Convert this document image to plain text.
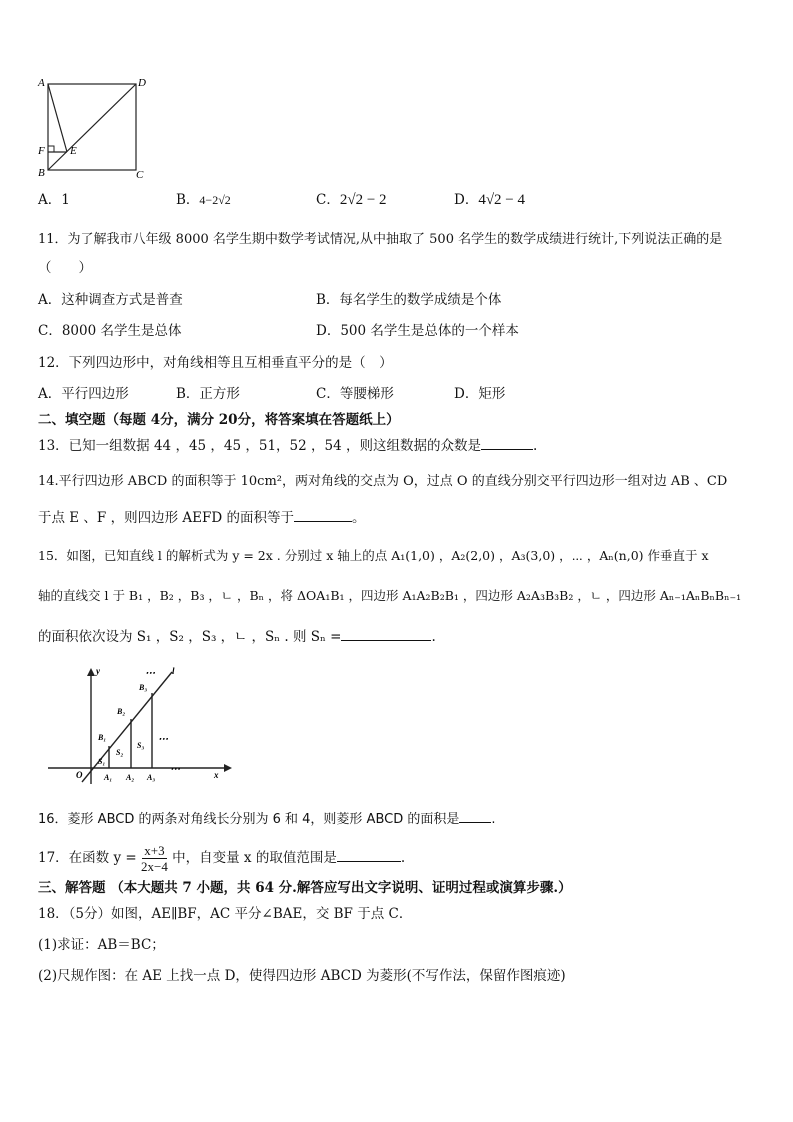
A	D
F E
B	C
A．1	B．4−2√2	C．2√2 − 2	D．4√2 − 4
11．为了解我市八年级 8000 名学生期中数学考试情况,从中抽取了 500 名学生的数学成绩进行统计,下列说法正确的是
（　　）
A．这种调查方式是普查	B．每名学生的数学成绩是个体
C．8000 名学生是总体	D．500 名学生是总体的一个样本
12．下列四边形中，对角线相等且互相垂直平分的是（　）
A．平行四边形	B．正方形	C．等腰梯形	D．矩形
二、填空题（每题 4分，满分 20分，将答案填在答题纸上）
13．已知一组数据 44 ，45 ，45 ，51，52 ，54 ，则这组数据的众数是	.
14.平行四边形 ABCD 的面积等于 10cm²，两对角线的交点为 O，过点 O 的直线分别交平行四边形一组对边 AB 、CD
于点 E 、F ，则四边形 AEFD 的面积等于	。
15．如图，已知直线 l 的解析式为 y = 2x . 分别过 x 轴上的点 A₁(1,0) ，A₂(2,0) ，A₃(3,0) ，⋯ ，Aₙ(n,0) 作垂直于 x
轴的直线交 l 于 B₁ ，B₂ ，B₃ ，ㄴ ，Bₙ ，将 ΔOA₁B₁ ，四边形 A₁A₂B₂B₁ ，四边形 A₂A₃B₃B₂ ，ㄴ ，四边形 Aₙ₋₁AₙBₙBₙ₋₁
的面积依次设为 S₁ ，S₂ ，S₃ ，ㄴ ，Sₙ . 则 Sₙ =	.
y
x
l
O	A₁ A₂ A₃
B₁
B₂
B₃
S₁
S₂
S₃
⋯
⋯
⋯
16．菱形 ABCD 的两条对角线长分别为 6 和 4，则菱形 ABCD 的面积是 .
17．在函数 $y = \frac{x+3}{2x-4}$ 中，自变量 x 的取值范围是	.
三、解答题 （本大题共 7 小题，共 64 分.解答应写出文字说明、证明过程或演算步骤.）
18．（5分）如图，AE∥BF，AC 平分∠BAE，交 BF 于点 C．
(1)求证：AB＝BC；
(2)尺规作图：在 AE 上找一点 D，使得四边形 ABCD 为菱形(不写作法，保留作图痕迹)
